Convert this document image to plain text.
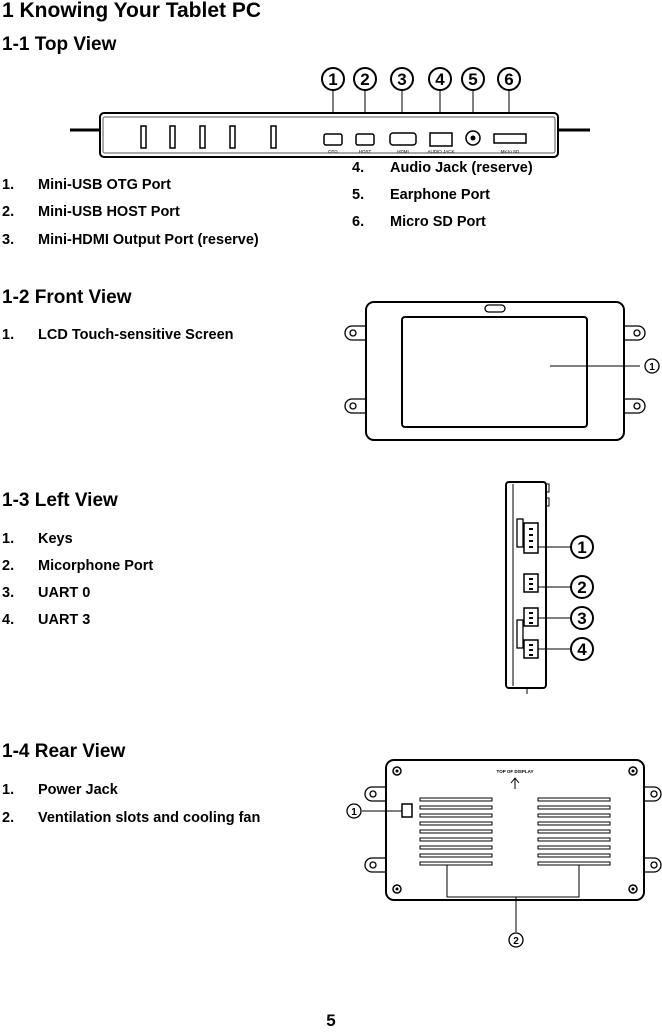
1 Knowing Your Tablet PC
1-1 Top View
1 2 3 4 5 6
OTG	HOST	HDMI	AUDIO JACK	Micro SD
1. Mini-USB OTG Port
2. Mini-USB HOST Port
3. Mini-HDMI Output Port (reserve)
4. Audio Jack (reserve)
5. Earphone Port
6. Micro SD Port
1-2 Front View
1. LCD Touch-sensitive Screen
1
1-3 Left View
1. Keys
2. Micorphone Port
3. UART 0
4. UART 3
1
2
3
4
1-4 Rear View
1. Power Jack
2. Ventilation slots and cooling fan
TOP OF DISPLAY
1
2
5
